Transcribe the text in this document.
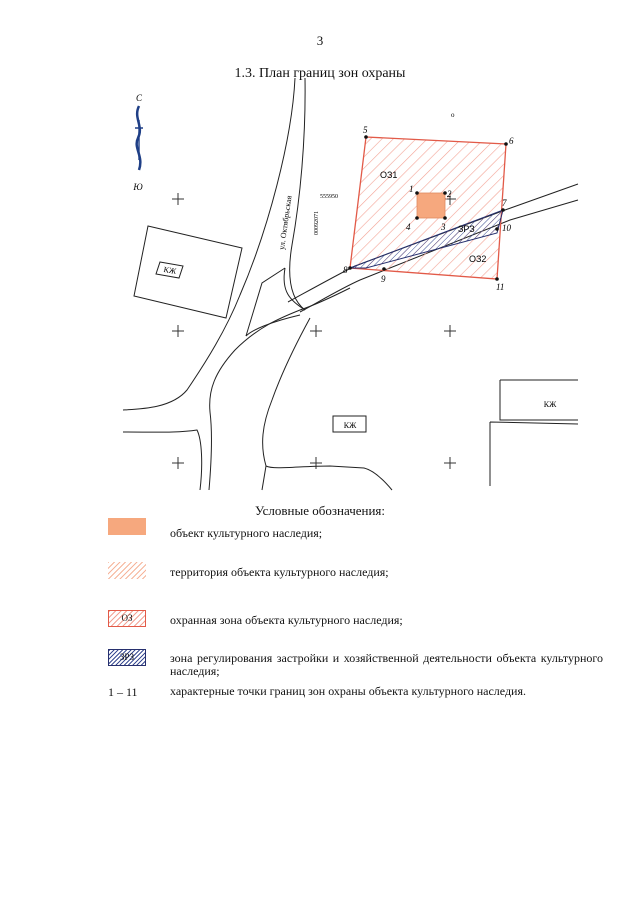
3
1.3. План границ зон охраны
С
Ю
КЖ
КЖ
КЖ
ул. Октябрьская	555950
00092071
о
ОЗ1
ОЗ2
ЗРЗ
1	2
3
4
5
6
7
8
9
10
11
Условные обозначения:
объект культурного наследия;
территория объекта культурного наследия;
ОЗ	охранная зона объекта культурного наследия;
ЗРЗ	зона регулирования застройки и хозяйственной деятельности объекта культурного наследия;
1 – 11	характерные точки границ зон охраны объекта культурного наследия.
